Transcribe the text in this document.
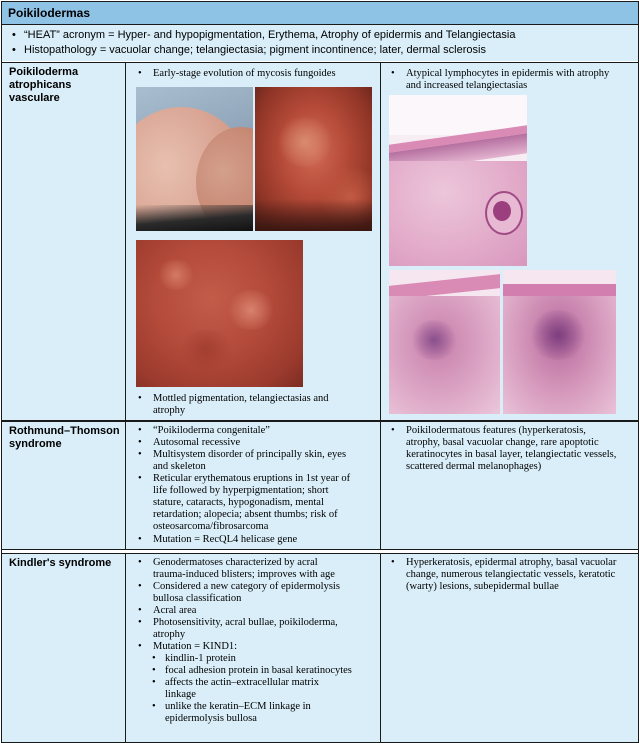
Poikilodermas
• “HEAT” acronym = Hyper- and hypopigmentation, Erythema, Atrophy of epidermis and Telangiectasia
• Histopathology = vacuolar change; telangiectasia; pigment incontinence; later, dermal sclerosis
Poikiloderma
atrophicans
vasculare
• Early-stage evolution of mycosis fungoides
• Mottled pigmentation, telangiectasias and
atrophy
• Atypical lymphocytes in epidermis with atrophy
and increased telangiectasias
Rothmund–Thomson
syndrome
• “Poikiloderma congenitale”
• Autosomal recessive
• Multisystem disorder of principally skin, eyes
and skeleton
• Reticular erythematous eruptions in 1st year of
life followed by hyperpigmentation; short
stature, cataracts, hypogonadism, mental
retardation; alopecia; absent thumbs; risk of
osteosarcoma/fibrosarcoma
• Mutation = RecQL4 helicase gene
• Poikilodermatous features (hyperkeratosis,
atrophy, basal vacuolar change, rare apoptotic
keratinocytes in basal layer, telangiectatic vessels,
scattered dermal melanophages)
Kindler's syndrome	• Genodermatoses characterized by acral
trauma-induced blisters; improves with age
• Considered a new category of epidermolysis
bullosa classification
• Acral area
• Photosensitivity, acral bullae, poikiloderma,
atrophy
• Mutation = KIND1:
• kindlin-1 protein
• focal adhesion protein in basal keratinocytes
• affects the actin–extracellular matrix
linkage
• unlike the keratin–ECM linkage in
epidermolysis bullosa
• Hyperkeratosis, epidermal atrophy, basal vacuolar
change, numerous telangiectatic vessels, keratotic
(warty) lesions, subepidermal bullae
